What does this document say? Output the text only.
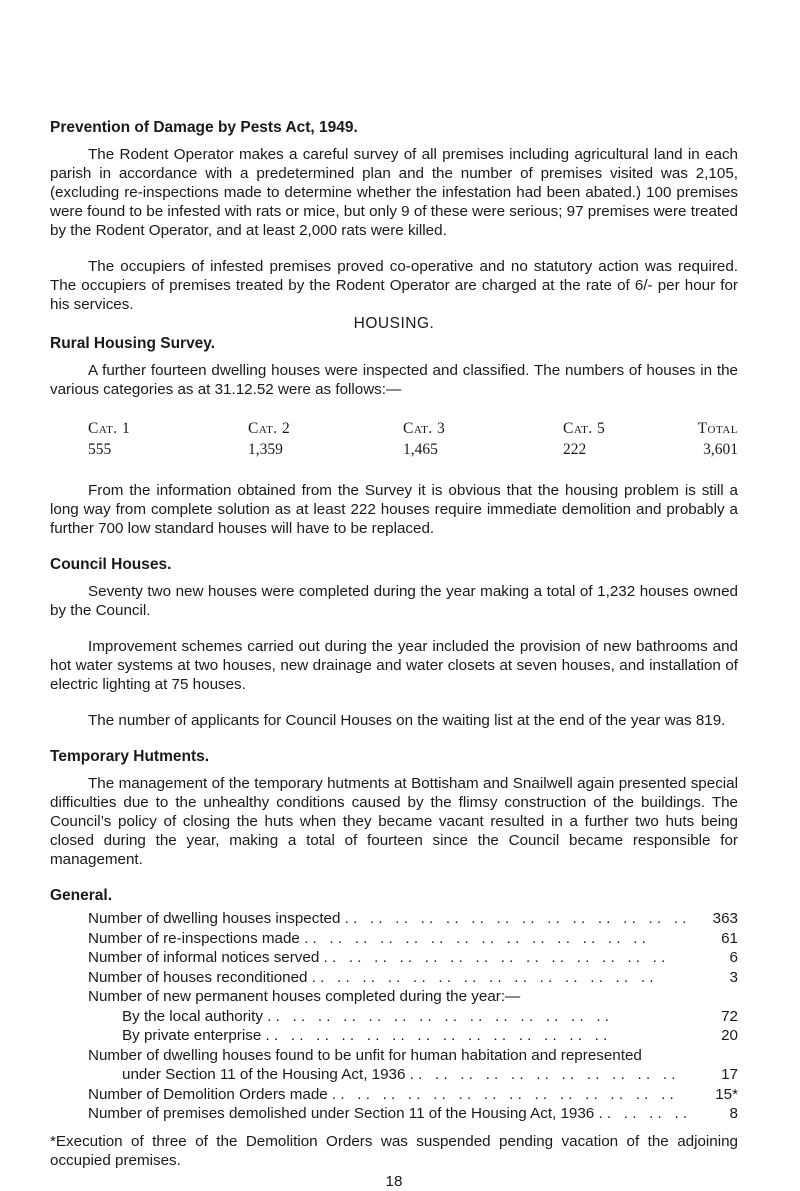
Prevention of Damage by Pests Act, 1949.

The Rodent Operator makes a careful survey of all premises including agricultural land in each parish in accordance with a predetermined plan and the number of premises visited was 2,105, (excluding re-inspections made to determine whether the infestation had been abated.) 100 premises were found to be infested with rats or mice, but only 9 of these were serious; 97 premises were treated by the Rodent Operator, and at least 2,000 rats were killed.

The occupiers of infested premises proved co-operative and no statutory action was required. The occupiers of premises treated by the Rodent Operator are charged at the rate of 6/- per hour for his services.

HOUSING.
Rural Housing Survey.

A further fourteen dwelling houses were inspected and classified. The numbers of houses in the various categories as at 31.12.52 were as follows:—

Cat. 1	Cat. 2	Cat. 3	Cat. 5	Total
555	1,359	1,465	222	3,601

From the information obtained from the Survey it is obvious that the housing problem is still a long way from complete solution as at least 222 houses require immediate demolition and probably a further 700 low standard houses will have to be replaced.

Council Houses.

Seventy two new houses were completed during the year making a total of 1,232 houses owned by the Council.

Improvement schemes carried out during the year included the provision of new bathrooms and hot water systems at two houses, new drainage and water closets at seven houses, and installation of electric lighting at 75 houses.

The number of applicants for Council Houses on the waiting list at the end of the year was 819.

Temporary Hutments.

The management of the temporary hutments at Bottisham and Snailwell again presented special difficulties due to the unhealthy conditions caused by the flimsy construction of the buildings. The Council’s policy of closing the huts when they became vacant resulted in a further two huts being closed during the year, making a total of fourteen since the Council became responsible for management.

General.
Number of dwelling houses inspected . .	363
Number of re-inspections made . .	61
Number of informal notices served . .	6
Number of houses reconditioned . .	3
Number of new permanent houses completed during the year:—
By the local authority . .	72
By private enterprise . .	20
Number of dwelling houses found to be unfit for human habitation and represented
under Section 11 of the Housing Act, 1936 . .	17
Number of Demolition Orders made . .	15*
Number of premises demolished under Section 11 of the Housing Act, 1936 . .	8

*Execution of three of the Demolition Orders was suspended pending vacation of the adjoining occupied premises.

18
